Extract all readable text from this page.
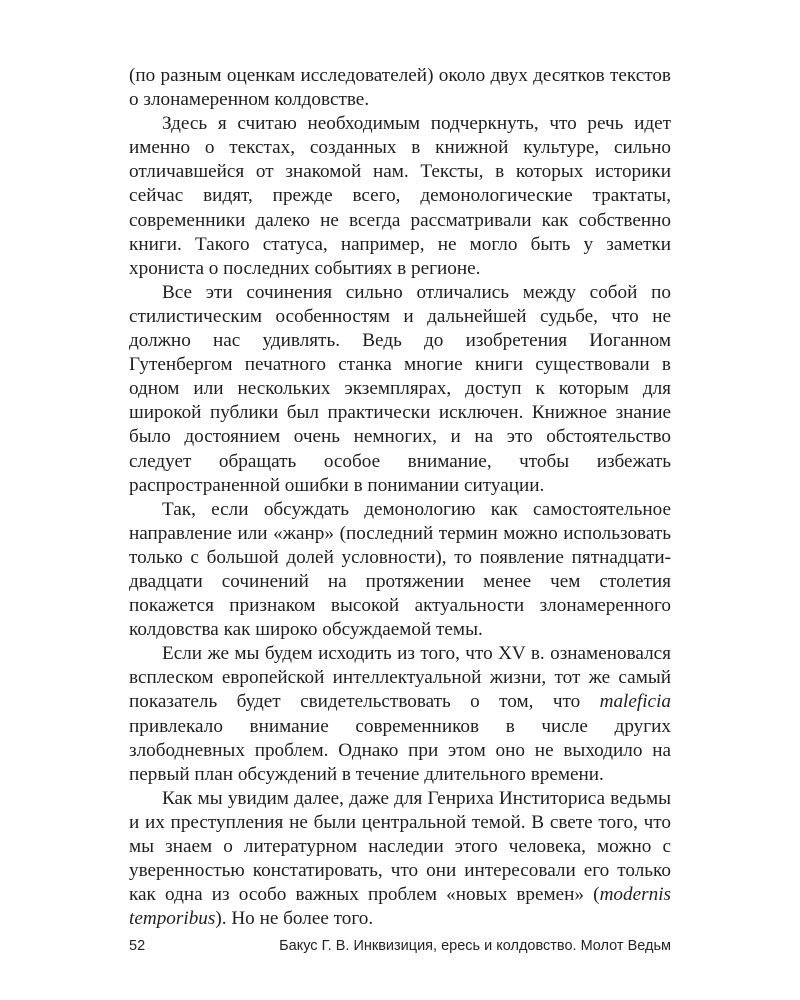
(по разным оценкам исследователей) около двух десятков текстов о злонамеренном колдовстве.

Здесь я считаю необходимым подчеркнуть, что речь идет именно о текстах, созданных в книжной культуре, сильно отличавшейся от знакомой нам. Тексты, в которых историки сейчас видят, прежде всего, демонологические трактаты, современники далеко не всегда рассматривали как собственно книги. Такого статуса, например, не могло быть у заметки хрониста о последних событиях в регионе.

Все эти сочинения сильно отличались между собой по стилистическим особенностям и дальнейшей судьбе, что не должно нас удивлять. Ведь до изобретения Иоганном Гутенбергом печатного станка многие книги существовали в одном или нескольких экземплярах, доступ к которым для широкой публики был практически исключен. Книжное знание было достоянием очень немногих, и на это обстоятельство следует обращать особое внимание, чтобы избежать распространенной ошибки в понимании ситуации.

Так, если обсуждать демонологию как самостоятельное направление или «жанр» (последний термин можно использовать только с большой долей условности), то появление пятнадцати-двадцати сочинений на протяжении менее чем столетия покажется признаком высокой актуальности злонамеренного колдовства как широко обсуждаемой темы.

Если же мы будем исходить из того, что XV в. ознаменовался всплеском европейской интеллектуальной жизни, тот же самый показатель будет свидетельствовать о том, что maleficia привлекало внимание современников в числе других злободневных проблем. Однако при этом оно не выходило на первый план обсуждений в течение длительного времени.

Как мы увидим далее, даже для Генриха Инститориса ведьмы и их преступления не были центральной темой. В свете того, что мы знаем о литературном наследии этого человека, можно с уверенностью констатировать, что они интересовали его только как одна из особо важных проблем «новых времен» (modernis temporibus). Но не более того.

52	Бакус Г. В. Инквизиция, ересь и колдовство. Молот Ведьм
